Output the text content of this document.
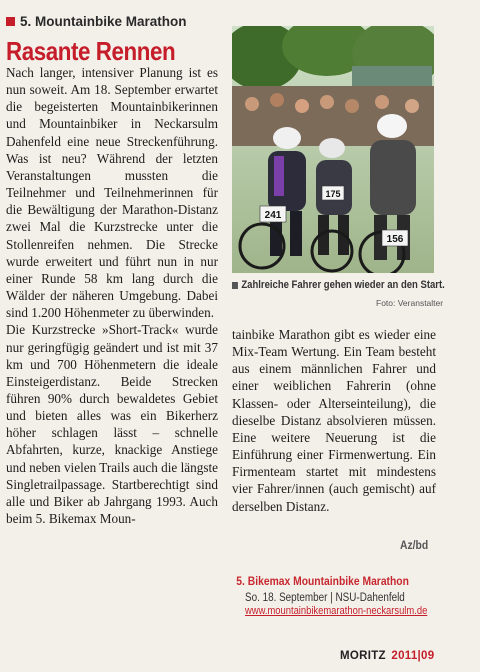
5. Mountainbike Marathon
Rasante Rennen

Nach langer, intensiver Planung ist es nun soweit. Am 18. September erwartet die begeisterten Mountainbikerinnen und Mountainbiker in Neckarsulm Dahenfeld eine neue Streckenführung. Was ist neu? Während der letzten Veranstaltungen mussten die Teilnehmer und Teilnehmerinnen für die Bewältigung der Marathon-Distanz zwei Mal die Kurzstrecke unter die Stollenreifen nehmen. Die Strecke wurde erweitert und führt nun in nur einer Runde 58 km lang durch die Wälder der näheren Umgebung. Dabei sind 1.200 Höhenmeter zu überwinden.

Die Kurzstrecke »Short-Track« wurde nur geringfügig geändert und ist mit 37 km und 700 Höhenmetern die ideale Einsteigerdistanz. Beide Strecken führen 90% durch bewaldetes Gebiet und bieten alles was ein Bikerherz höher schlagen lässt – schnelle Abfahrten, kurze, knackige Anstiege und neben vielen Trails auch die längste Singletrailpassage. Startberechtigt sind alle und Biker ab Jahrgang 1993. Auch beim 5. Bikemax Moun-

241
156
175
Zahlreiche Fahrer gehen wieder an den Start.
Foto: Veranstalter

tainbike Marathon gibt es wieder eine Mix-Team Wertung. Ein Team besteht aus einem männlichen Fahrer und einer weiblichen Fahrerin (ohne Klassen- oder Alterseinteilung), die dieselbe Distanz absolvieren müssen. Eine weitere Neuerung ist die Einführung einer Firmenwertung. Ein Firmenteam startet mit mindestens vier Fahrer/innen (auch gemischt) auf derselben Distanz.

Az/bd
5. Bikemax Mountainbike Marathon
So. 18. September | NSU-Dahenfeld
www.mountainbikemarathon-neckarsulm.de
MORITZ 2011|09
